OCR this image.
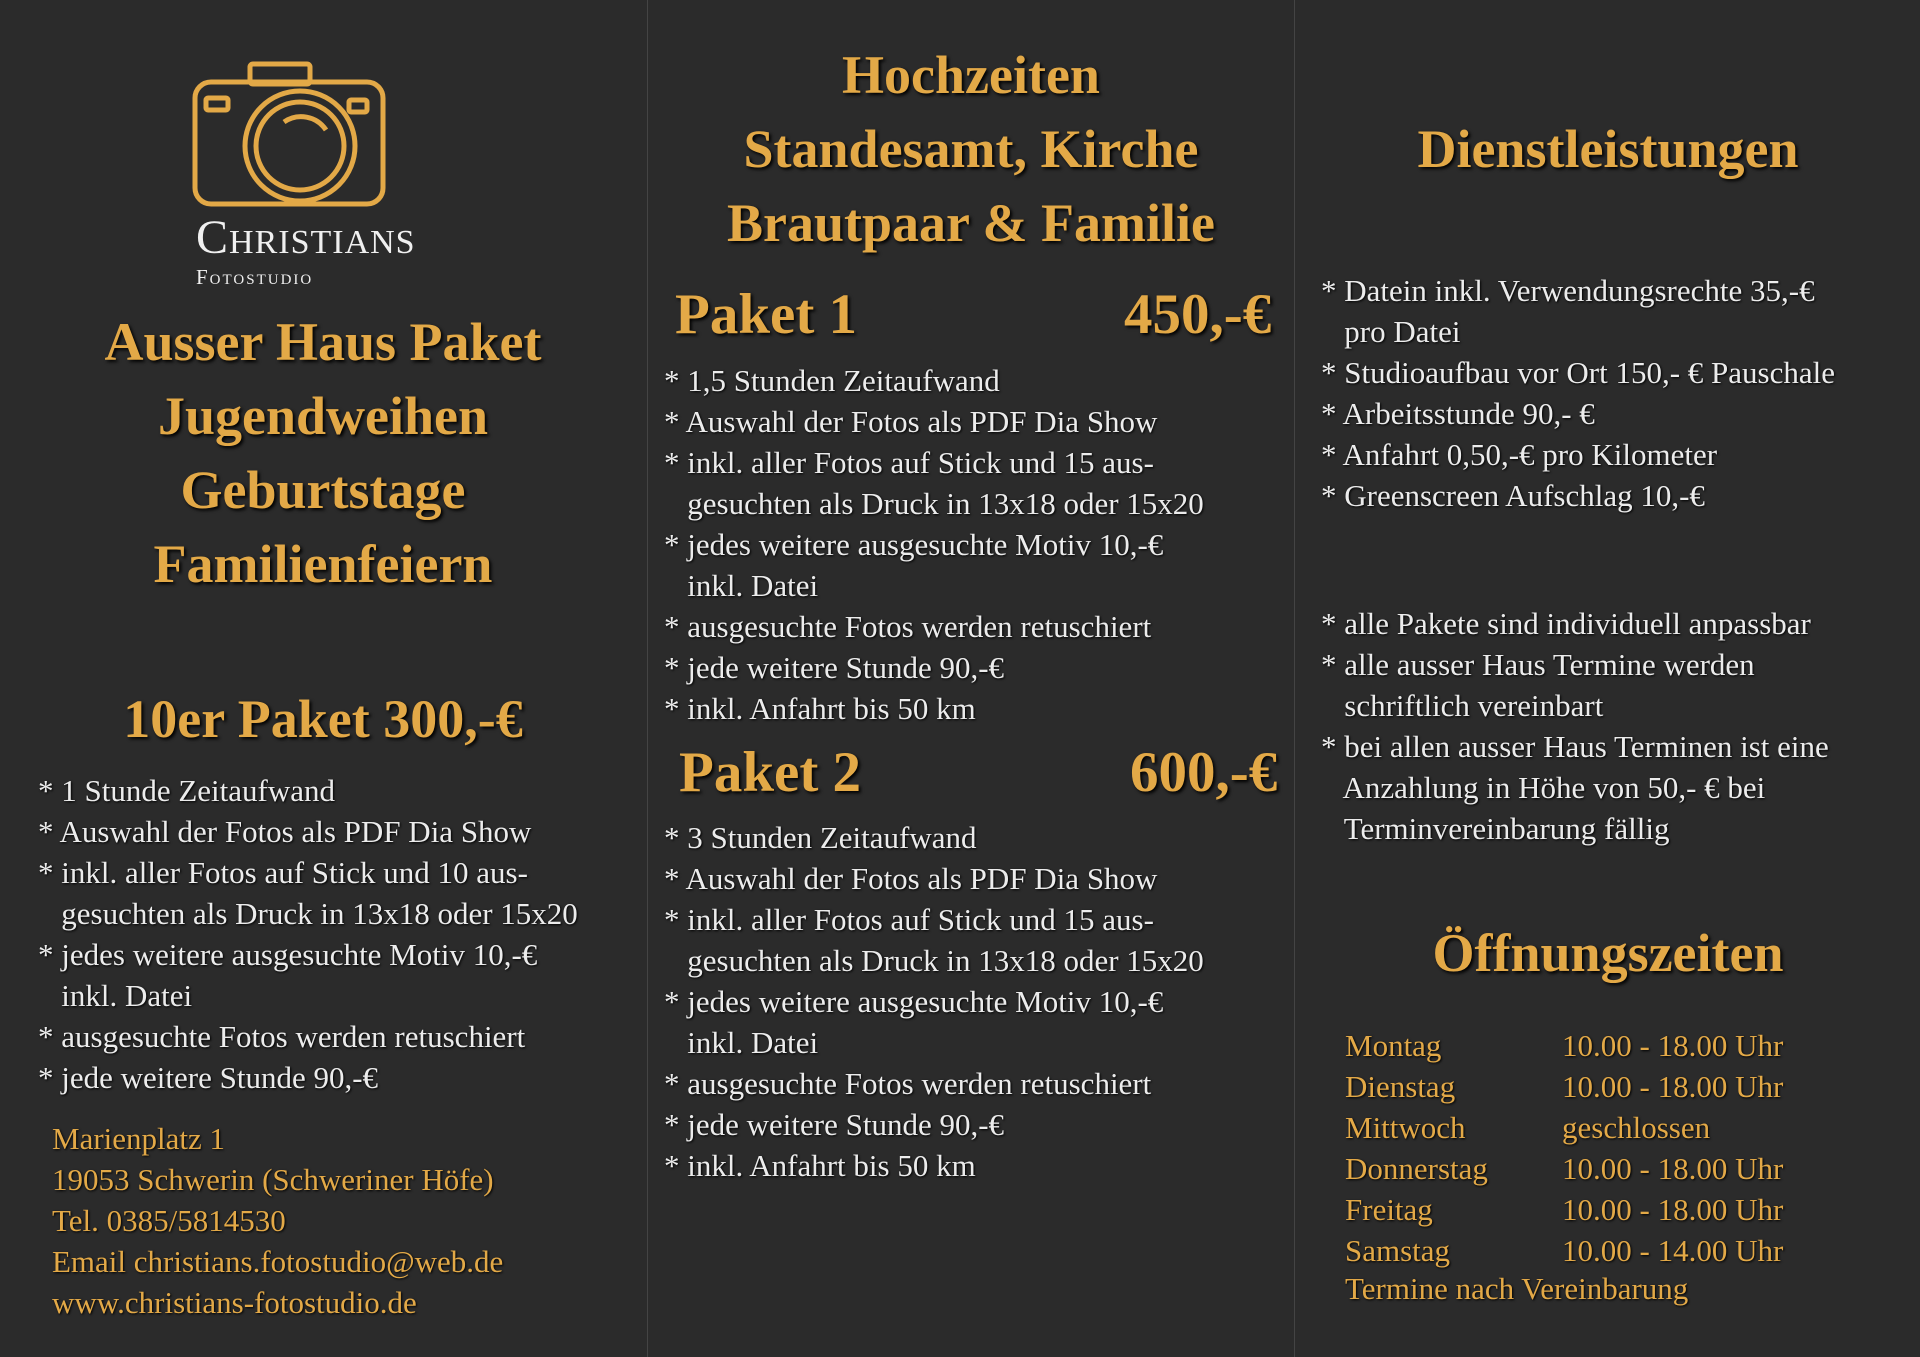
Christians
Fotostudio
Ausser Haus Paket
Jugendweihen
Geburtstage
Familienfeiern
10er Paket 300,-€
* 1 Stunde Zeitaufwand
* Auswahl der Fotos als PDF Dia Show
* inkl. aller Fotos auf Stick und 10 aus-
gesuchten als Druck in 13x18 oder 15x20
* jedes weitere ausgesuchte Motiv 10,-€
inkl. Datei
* ausgesuchte Fotos werden retuschiert
* jede weitere Stunde 90,-€
Marienplatz 1
19053 Schwerin (Schweriner Höfe)
Tel. 0385/5814530
Email christians.fotostudio@web.de
www.christians-fotostudio.de
Hochzeiten
Standesamt, Kirche
Brautpaar & Familie
Paket 1	450,-€
* 1,5 Stunden Zeitaufwand
* Auswahl der Fotos als PDF Dia Show
* inkl. aller Fotos auf Stick und 15 aus-
gesuchten als Druck in 13x18 oder 15x20
* jedes weitere ausgesuchte Motiv 10,-€
inkl. Datei
* ausgesuchte Fotos werden retuschiert
* jede weitere Stunde 90,-€
* inkl. Anfahrt bis 50 km
Paket 2	600,-€
* 3 Stunden Zeitaufwand
* Auswahl der Fotos als PDF Dia Show
* inkl. aller Fotos auf Stick und 15 aus-
gesuchten als Druck in 13x18 oder 15x20
* jedes weitere ausgesuchte Motiv 10,-€
inkl. Datei
* ausgesuchte Fotos werden retuschiert
* jede weitere Stunde 90,-€
* inkl. Anfahrt bis 50 km
Dienstleistungen
* Datein inkl. Verwendungsrechte 35,-€
pro Datei
* Studioaufbau vor Ort 150,- € Pauschale
* Arbeitsstunde 90,- €
* Anfahrt 0,50,-€ pro Kilometer
* Greenscreen Aufschlag 10,-€
* alle Pakete sind individuell anpassbar
* alle ausser Haus Termine werden
schriftlich vereinbart
* bei allen ausser Haus Terminen ist eine
Anzahlung in Höhe von 50,- € bei
Terminvereinbarung fällig
Öffnungszeiten
Montag	10.00 - 18.00 Uhr
Dienstag	10.00 - 18.00 Uhr
Mittwoch	geschlossen
Donnerstag	10.00 - 18.00 Uhr
Freitag	10.00 - 18.00 Uhr
Samstag	10.00 - 14.00 Uhr
Termine nach Vereinbarung
